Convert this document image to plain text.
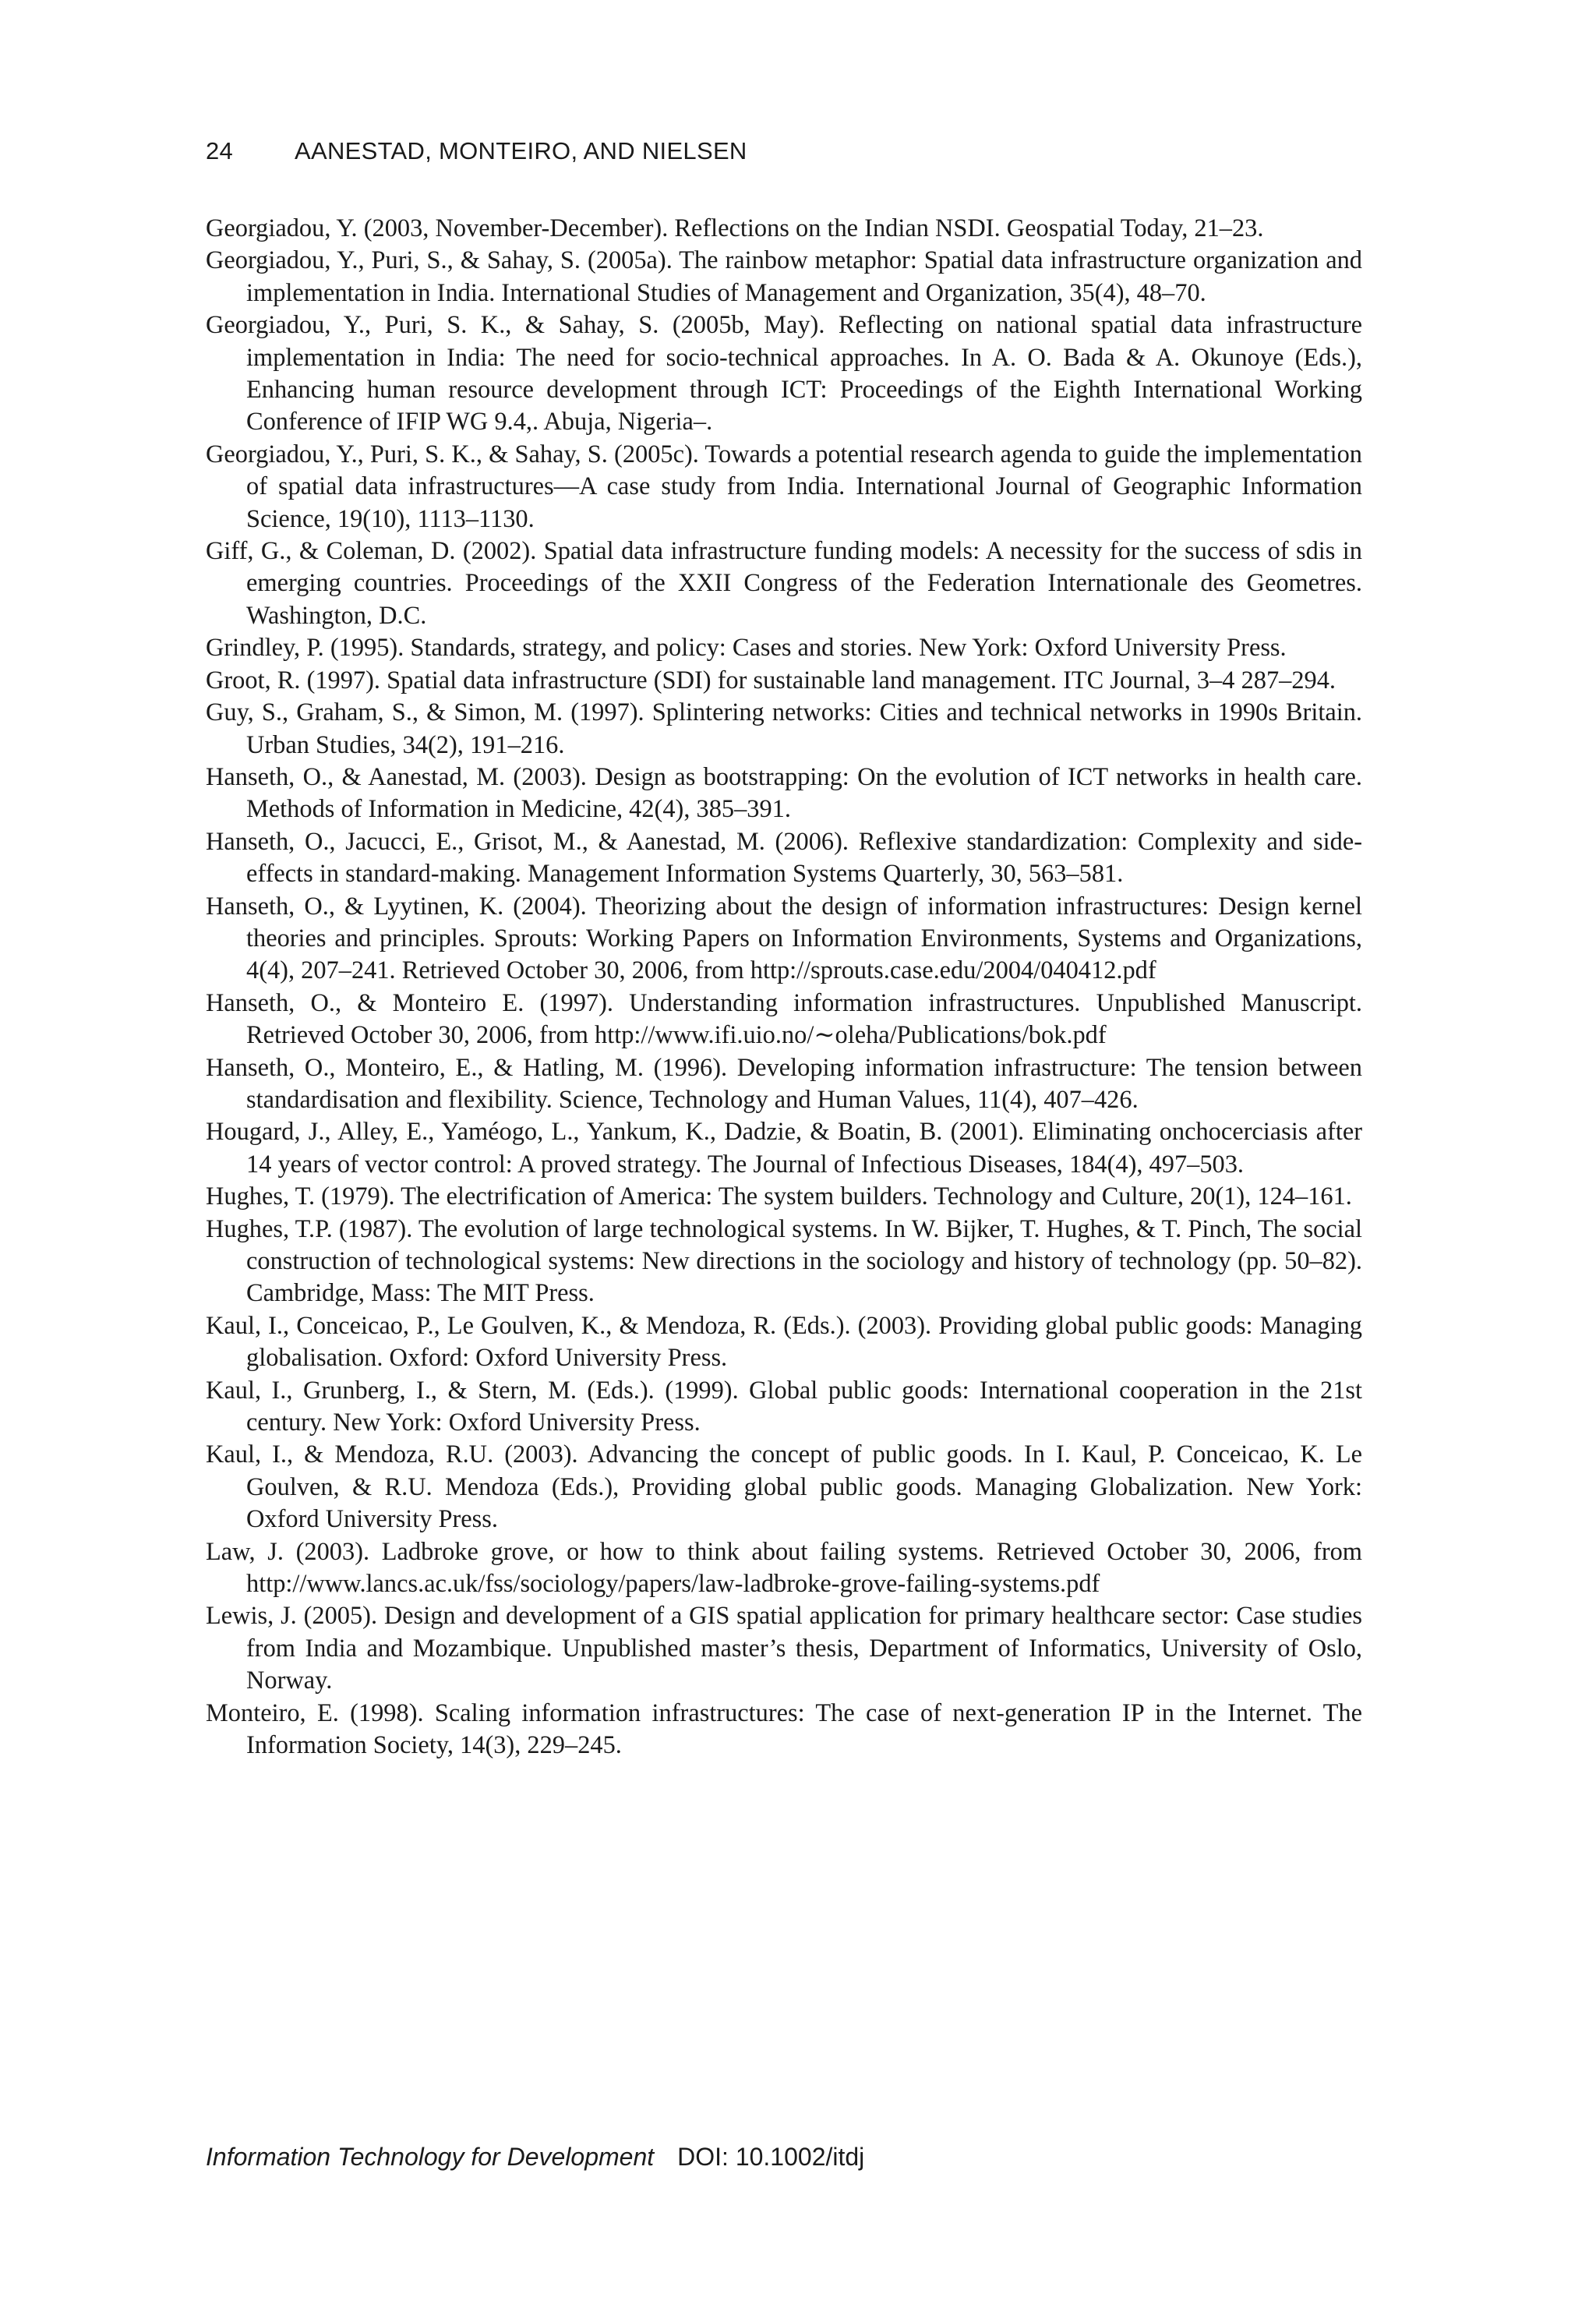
24	AANESTAD, MONTEIRO, AND NIELSEN
Georgiadou, Y. (2003, November-December). Reflections on the Indian NSDI. Geospatial Today, 21–23.
Georgiadou, Y., Puri, S., & Sahay, S. (2005a). The rainbow metaphor: Spatial data infrastructure organization and implementation in India. International Studies of Management and Organization, 35(4), 48–70.
Georgiadou, Y., Puri, S. K., & Sahay, S. (2005b, May). Reflecting on national spatial data infrastructure implementation in India: The need for socio-technical approaches. In A. O. Bada & A. Okunoye (Eds.), Enhancing human resource development through ICT: Proceedings of the Eighth International Working Conference of IFIP WG 9.4,. Abuja, Nigeria–.
Georgiadou, Y., Puri, S. K., & Sahay, S. (2005c). Towards a potential research agenda to guide the implementation of spatial data infrastructures—A case study from India. International Journal of Geographic Information Science, 19(10), 1113–1130.
Giff, G., & Coleman, D. (2002). Spatial data infrastructure funding models: A necessity for the success of sdis in emerging countries. Proceedings of the XXII Congress of the Federation Internationale des Geometres. Washington, D.C.
Grindley, P. (1995). Standards, strategy, and policy: Cases and stories. New York: Oxford University Press.
Groot, R. (1997). Spatial data infrastructure (SDI) for sustainable land management. ITC Journal, 3–4 287–294.
Guy, S., Graham, S., & Simon, M. (1997). Splintering networks: Cities and technical networks in 1990s Britain. Urban Studies, 34(2), 191–216.
Hanseth, O., & Aanestad, M. (2003). Design as bootstrapping: On the evolution of ICT networks in health care. Methods of Information in Medicine, 42(4), 385–391.
Hanseth, O., Jacucci, E., Grisot, M., & Aanestad, M. (2006). Reflexive standardization: Complexity and side-effects in standard-making. Management Information Systems Quarterly, 30, 563–581.
Hanseth, O., & Lyytinen, K. (2004). Theorizing about the design of information infrastructures: Design kernel theories and principles. Sprouts: Working Papers on Information Environments, Systems and Organizations, 4(4), 207–241. Retrieved October 30, 2006, from http://sprouts.case.edu/2004/040412.pdf
Hanseth, O., & Monteiro E. (1997). Understanding information infrastructures. Unpublished Manuscript. Retrieved October 30, 2006, from http://www.ifi.uio.no/∼oleha/Publications/bok.pdf
Hanseth, O., Monteiro, E., & Hatling, M. (1996). Developing information infrastructure: The tension between standardisation and flexibility. Science, Technology and Human Values, 11(4), 407–426.
Hougard, J., Alley, E., Yaméogo, L., Yankum, K., Dadzie, & Boatin, B. (2001). Eliminating onchocerciasis after 14 years of vector control: A proved strategy. The Journal of Infectious Diseases, 184(4), 497–503.
Hughes, T. (1979). The electrification of America: The system builders. Technology and Culture, 20(1), 124–161.
Hughes, T.P. (1987). The evolution of large technological systems. In W. Bijker, T. Hughes, & T. Pinch, The social construction of technological systems: New directions in the sociology and history of technology (pp. 50–82). Cambridge, Mass: The MIT Press.
Kaul, I., Conceicao, P., Le Goulven, K., & Mendoza, R. (Eds.). (2003). Providing global public goods: Managing globalisation. Oxford: Oxford University Press.
Kaul, I., Grunberg, I., & Stern, M. (Eds.). (1999). Global public goods: International cooperation in the 21st century. New York: Oxford University Press.
Kaul, I., & Mendoza, R.U. (2003). Advancing the concept of public goods. In I. Kaul, P. Conceicao, K. Le Goulven, & R.U. Mendoza (Eds.), Providing global public goods. Managing Globalization. New York: Oxford University Press.
Law, J. (2003). Ladbroke grove, or how to think about failing systems. Retrieved October 30, 2006, from http://www.lancs.ac.uk/fss/sociology/papers/law-ladbroke-grove-failing-systems.pdf
Lewis, J. (2005). Design and development of a GIS spatial application for primary healthcare sector: Case studies from India and Mozambique. Unpublished master’s thesis, Department of Informatics, University of Oslo, Norway.
Monteiro, E. (1998). Scaling information infrastructures: The case of next-generation IP in the Internet. The Information Society, 14(3), 229–245.
Information Technology for Development DOI: 10.1002/itdj
